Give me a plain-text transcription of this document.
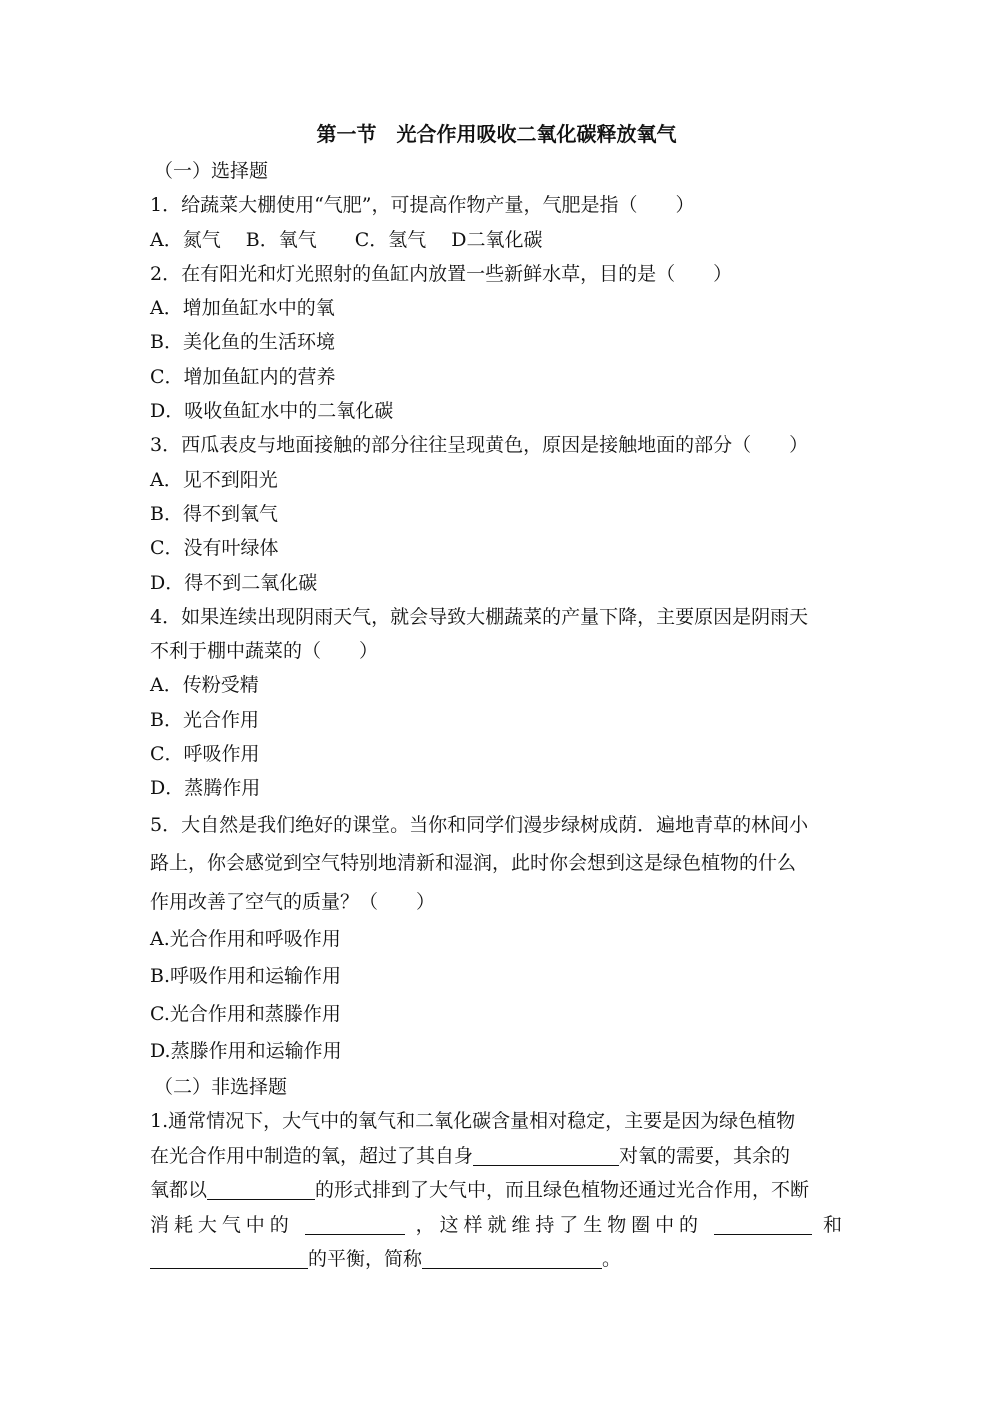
第一节　光合作用吸收二氧化碳释放氧气
（一）选择题
1．给蔬菜大棚使用“气肥”，可提高作物产量，气肥是指（　　）
A．氮气　 B．氧气　　C．氢气　 D二氧化碳
2．在有阳光和灯光照射的鱼缸内放置一些新鲜水草，目的是（　　）
A．增加鱼缸水中的氧
B．美化鱼的生活环境
C．增加鱼缸内的营养
D．吸收鱼缸水中的二氧化碳
3．西瓜表皮与地面接触的部分往往呈现黄色，原因是接触地面的部分（　　）
A．见不到阳光
B．得不到氧气
C．没有叶绿体
D．得不到二氧化碳
4．如果连续出现阴雨天气，就会导致大棚蔬菜的产量下降，主要原因是阴雨天
不利于棚中蔬菜的（　　）
A．传粉受精
B．光合作用
C．呼吸作用
D．蒸腾作用
5．大自然是我们绝好的课堂。当你和同学们漫步绿树成荫．遍地青草的林间小
路上，你会感觉到空气特别地清新和湿润，此时你会想到这是绿色植物的什么
作用改善了空气的质量？（　　）
A.光合作用和呼吸作用
B.呼吸作用和运输作用
C.光合作用和蒸滕作用
D.蒸滕作用和运输作用
（二）非选择题
1.通常情况下，大气中的氧气和二氧化碳含量相对稳定，主要是因为绿色植物
在光合作用中制造的氧，超过了其自身	对氧的需要，其余的
氧都以	的形式排到了大气中，而且绿色植物还通过光合作用，不断
消耗大气中的	，这样就维持了生物圈中的	和
的平衡，简称	。
